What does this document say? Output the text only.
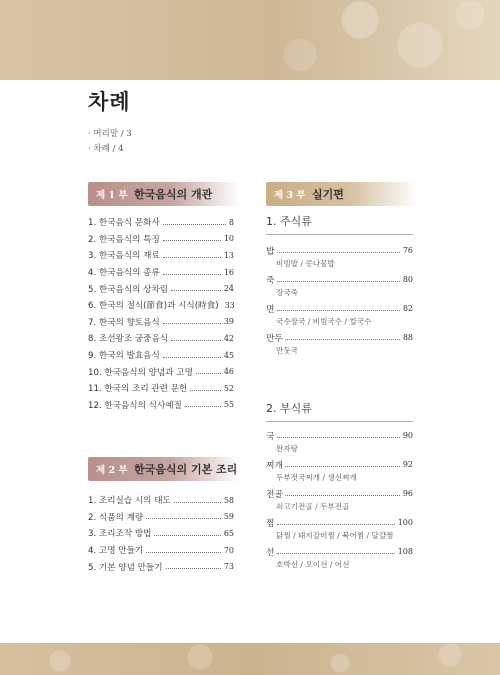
차례
· 머리말 / 3
· 차례 / 4
제 1 부 한국음식의 개관
1. 한국음식 문화사	8
2. 한국음식의 특징	10
3. 한국음식의 재료	13
4. 한국음식의 종류	16
5. 한국음식의 상차림	24
6. 한국의 절식(節食)과 시식(時食) 33
7. 한국의 향토음식	39
8. 조선왕조 궁중음식	42
9. 한국의 발효음식	45
10. 한국음식의 양념과 고명	46
11. 한국의 조리 관련 문헌	52
12. 한국음식의 식사예절	55
제 2 부 한국음식의 기본 조리
1. 조리실습 시의 태도	58
2. 식품의 계량	59
3. 조리조작 방법	65
4. 고명 만들기	70
5. 기본 양념 만들기	73
제 3 부 실기편
1. 주식류
밥	76
비빔밥 / 콩나물밥
죽	80
장국죽
면	82
국수장국 / 비빔국수 / 칼국수
만두	88
만둣국
2. 부식류
국	90
완자탕
찌개	92
두부젓국찌개 / 생선찌개
전골	96
쇠고기전골 / 두부전골
찜	100
닭찜 / 돼지갈비찜 / 북어찜 / 달걀찜
선	108
호박선 / 오이선 / 어선
